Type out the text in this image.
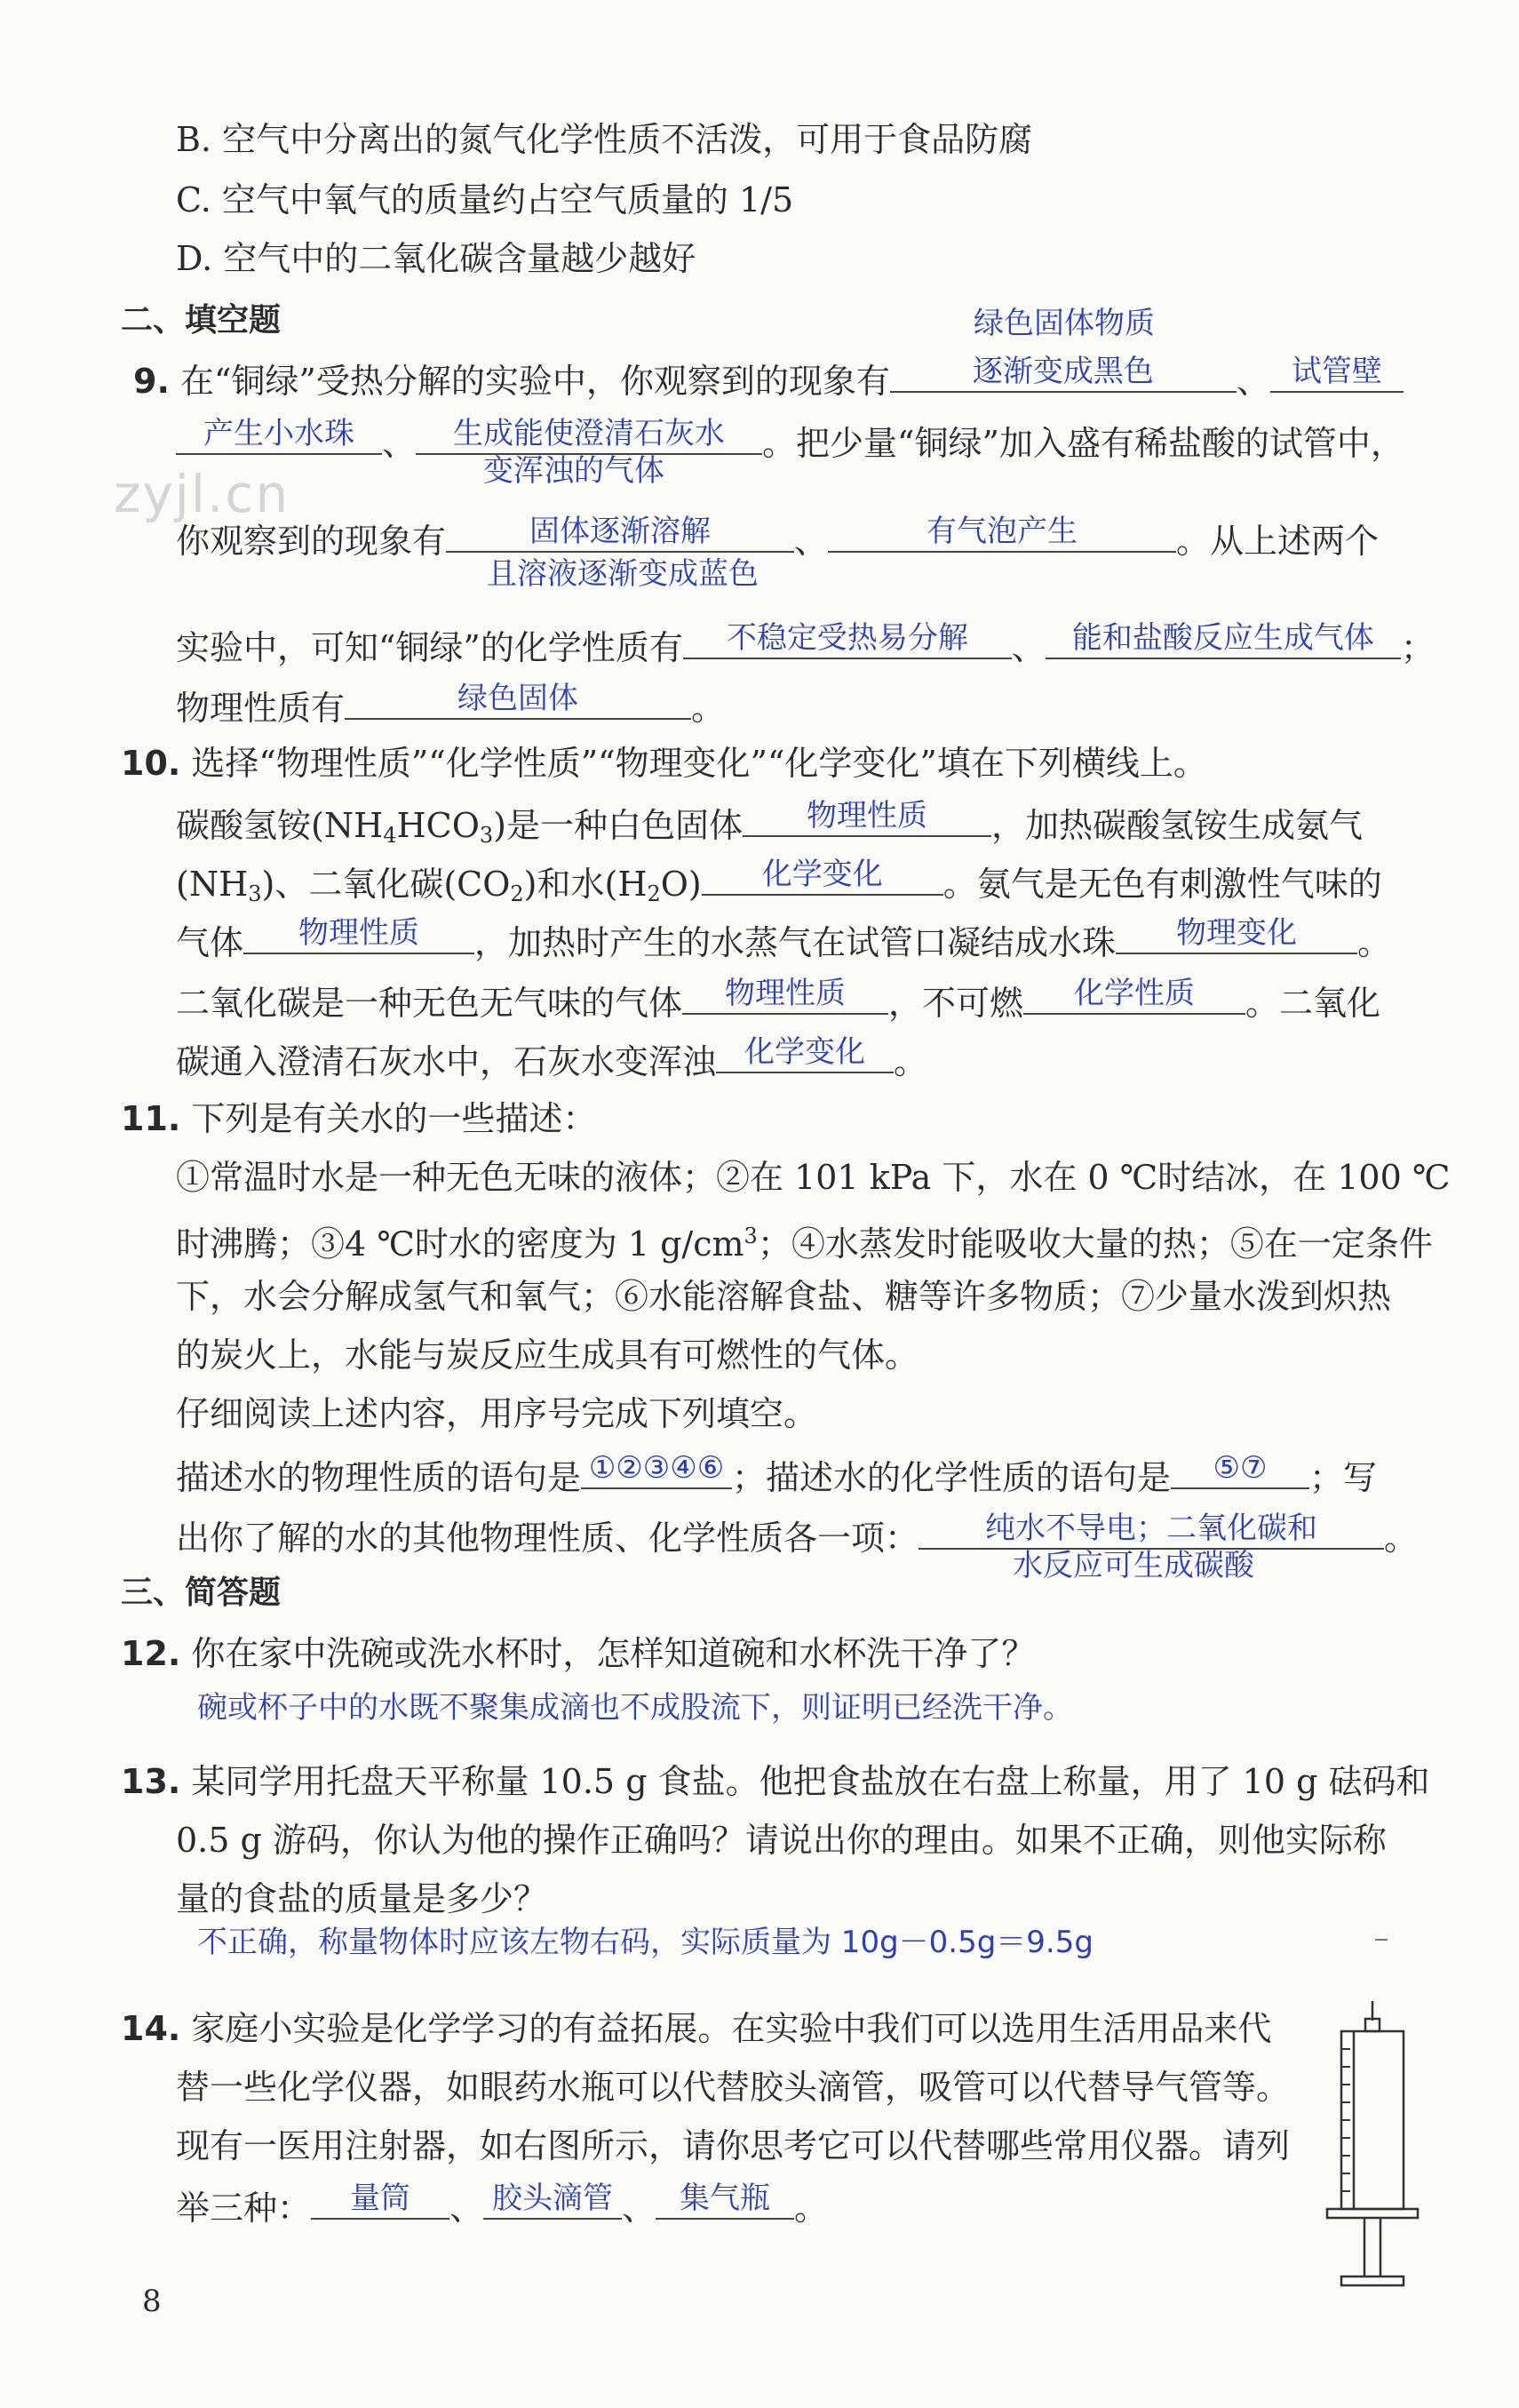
zyjl.cn
B. 空气中分离出的氮气化学性质不活泼，可用于食品防腐
C. 空气中氧气的质量约占空气质量的 1/5
D. 空气中的二氧化碳含量越少越好
二、填空题	绿色固体物质
9. 在“铜绿”受热分解的实验中，你观察到的现象有	逐渐变成黑色	、 试管壁
产生小水珠 、	生成能使澄清石灰水	。把少量“铜绿”加入盛有稀盐酸的试管中，
变浑浊的气体
你观察到的现象有	固体逐渐溶解	、	有气泡产生	。从上述两个
且溶液逐渐变成蓝色
实验中，可知“铜绿”的化学性质有	不稳定受热易分解	、 能和盐酸反应生成气体 ；
物理性质有	绿色固体	。
10. 选择“物理性质”“化学性质”“物理变化”“化学变化”填在下列横线上。
碳酸氢铵$(NH_4HCO_3)$是一种白色固体	物理性质	，加热碳酸氢铵生成氨气
$(NH_3)$、二氧化碳$(CO_2)$和水$(H_2O)$	化学变化	。氨气是无色有刺激性气味的
气体	物理性质	，加热时产生的水蒸气在试管口凝结成水珠	物理变化	。
二氧化碳是一种无色无气味的气体	物理性质	，不可燃	化学性质	。二氧化
碳通入澄清石灰水中，石灰水变浑浊 化学变化 。
11. 下列是有关水的一些描述：
①常温时水是一种无色无味的液体；②在 101 kPa 下，水在 0 ℃时结冰，在 100 ℃
时沸腾；③4 ℃时水的密度为 1 $g/cm^3$；④水蒸发时能吸收大量的热；⑤在一定条件
下，水会分解成氢气和氧气；⑥水能溶解食盐、糖等许多物质；⑦少量水泼到炽热
的炭火上，水能与炭反应生成具有可燃性的气体。
仔细阅读上述内容，用序号完成下列填空。
描述水的物理性质的语句是 ①②③④⑥ ；描述水的化学性质的语句是	⑤⑦	；写
出你了解的水的其他物理性质、化学性质各一项：	纯水不导电；二氧化碳和	。
水反应可生成碳酸
三、简答题
12. 你在家中洗碗或洗水杯时，怎样知道碗和水杯洗干净了？
碗或杯子中的水既不聚集成滴也不成股流下，则证明已经洗干净。
13. 某同学用托盘天平称量 10.5 g 食盐。他把食盐放在右盘上称量，用了 10 g 砝码和
0.5 g 游码，你认为他的操作正确吗？请说出你的理由。如果不正确，则他实际称
量的食盐的质量是多少？
不正确，称量物体时应该左物右码，实际质量为 10g－0.5g＝9.5g
14. 家庭小实验是化学学习的有益拓展。在实验中我们可以选用生活用品来代
替一些化学仪器，如眼药水瓶可以代替胶头滴管，吸管可以代替导气管等。
现有一医用注射器，如右图所示，请你思考它可以代替哪些常用仪器。请列
举三种：	量筒	、 胶头滴管 、 集气瓶 。
8
